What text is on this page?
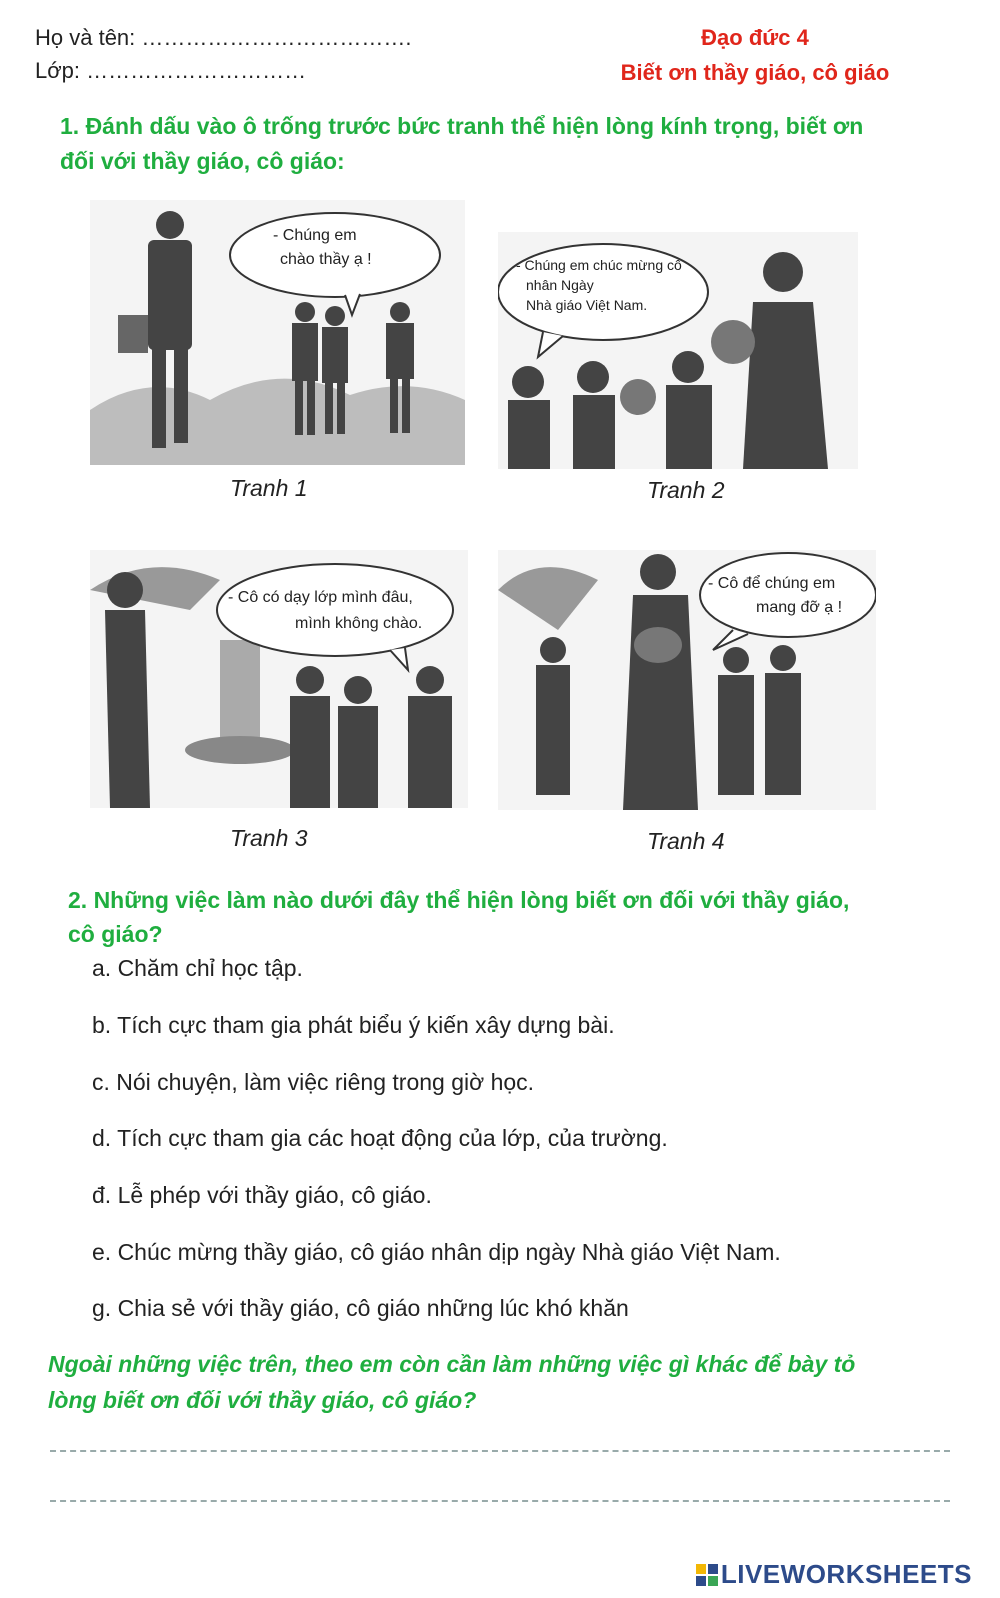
Họ và tên: ……………………………….
Lớp: …………………………
Đạo đức 4
Biết ơn thầy giáo, cô giáo
1. Đánh dấu vào ô trống trước bức tranh thể hiện lòng kính trọng, biết ơn
đối với thầy giáo, cô giáo:
- Chúng em
chào thầy ạ !
Tranh 1
- Chúng em chúc mừng cô
nhân Ngày
Nhà giáo Việt Nam.
Tranh 2
- Cô có dạy lớp mình đâu,
mình không chào.
Tranh 3
- Cô để chúng em
mang đỡ ạ !
Tranh 4
2. Những việc làm nào dưới đây thể hiện lòng biết ơn đối với thầy giáo,
cô giáo?
a. Chăm chỉ học tập.
b. Tích cực tham gia phát biểu ý kiến xây dựng bài.
c. Nói chuyện, làm việc riêng trong giờ học.
d. Tích cực tham gia các hoạt động của lớp, của trường.
đ. Lễ phép với thầy giáo, cô giáo.
e. Chúc mừng thầy giáo, cô giáo nhân dịp ngày Nhà giáo Việt Nam.
g. Chia sẻ với thầy giáo, cô giáo những lúc khó khăn
Ngoài những việc trên, theo em còn cần làm những việc gì khác để bày tỏ
lòng biết ơn đối với thầy giáo, cô giáo?
LIVEWORKSHEETS
